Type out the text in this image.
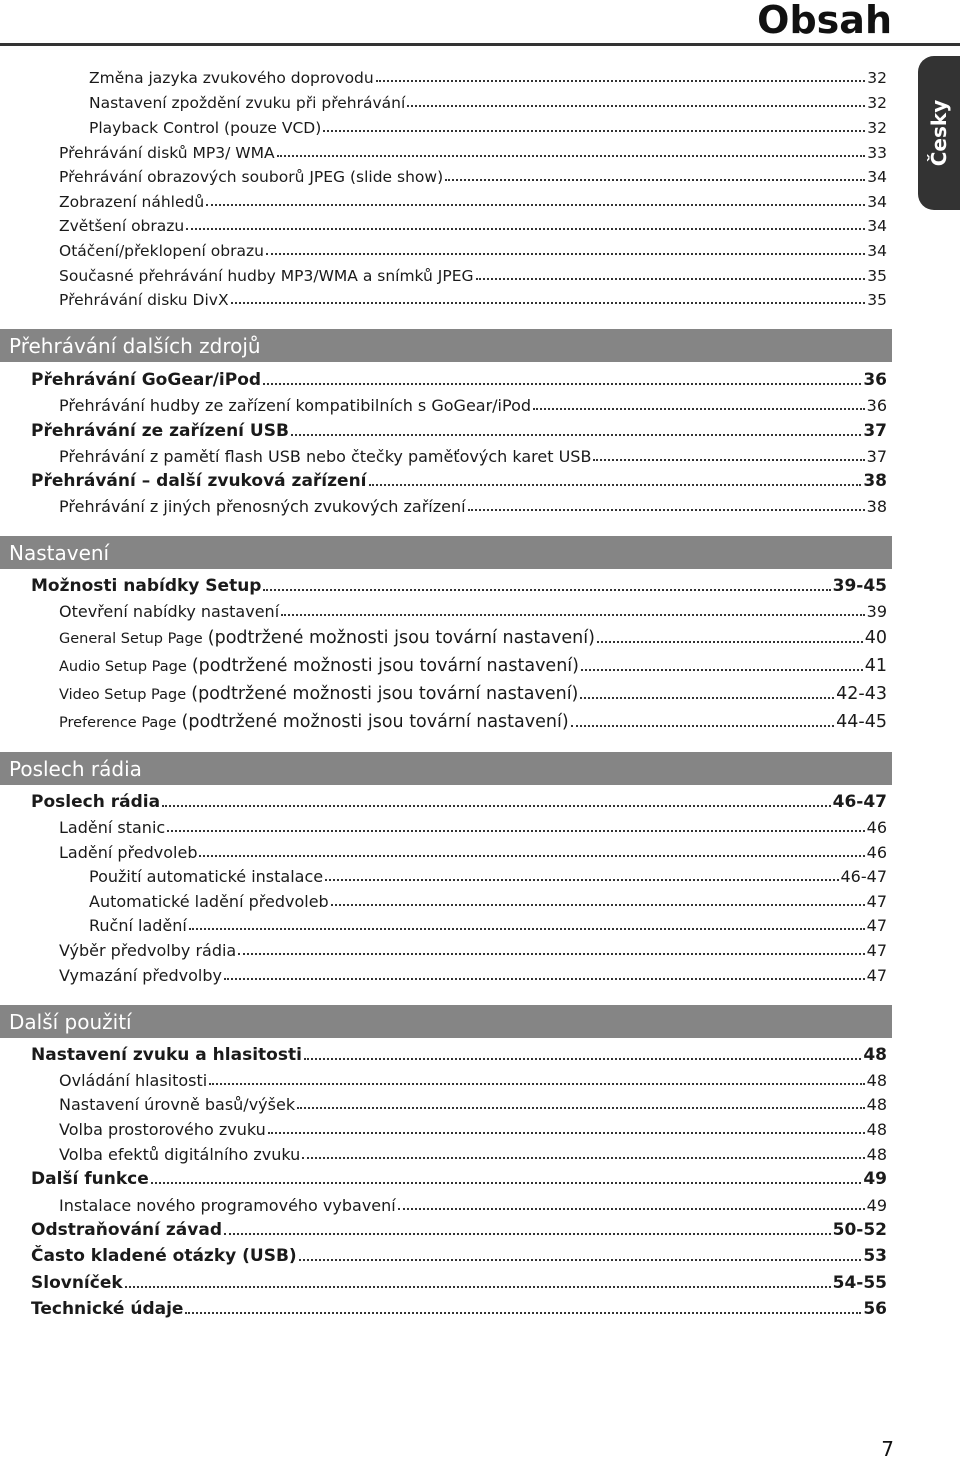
Obsah
Česky
Změna jazyka zvukového doprovodu	32
Nastavení zpoždění zvuku při přehrávání	32
Playback Control (pouze VCD)	32
Přehrávání disků MP3/ WMA	33
Přehrávání obrazových souborů JPEG (slide show)	34
Zobrazení náhledů	34
Zvětšení obrazu	34
Otáčení/překlopení obrazu	34
Současné přehrávání hudby MP3/WMA a snímků JPEG	35
Přehrávání disku DivX	35
Přehrávání dalších zdrojů
Přehrávání GoGear/iPod	36
Přehrávání hudby ze zařízení kompatibilních s GoGear/iPod	36
Přehrávání ze zařízení USB	37
Přehrávání z pamětí flash USB nebo čtečky paměťových karet USB	37
Přehrávání – další zvuková zařízení	38
Přehrávání z jiných přenosných zvukových zařízení	38
Nastavení
Možnosti nabídky Setup	39-45
Otevření nabídky nastavení	39
General Setup Page (podtržené možnosti jsou tovární nastavení)	40
Audio Setup Page (podtržené možnosti jsou tovární nastavení)	41
Video Setup Page (podtržené možnosti jsou tovární nastavení)	42-43
Preference Page (podtržené možnosti jsou tovární nastavení)	44-45
Poslech rádia
Poslech rádia	46-47
Ladění stanic	46
Ladění předvoleb	46
Použití automatické instalace	46-47
Automatické ladění předvoleb	47
Ruční ladění	47
Výběr předvolby rádia	47
Vymazání předvolby	47
Další použití
Nastavení zvuku a hlasitosti	48
Ovládání hlasitosti	48
Nastavení úrovně basů/výšek	48
Volba prostorového zvuku	48
Volba efektů digitálního zvuku	48
Další funkce	49
Instalace nového programového vybavení	49
Odstraňování závad	50-52
Často kladené otázky (USB)	53
Slovníček	54-55
Technické údaje	56
7
